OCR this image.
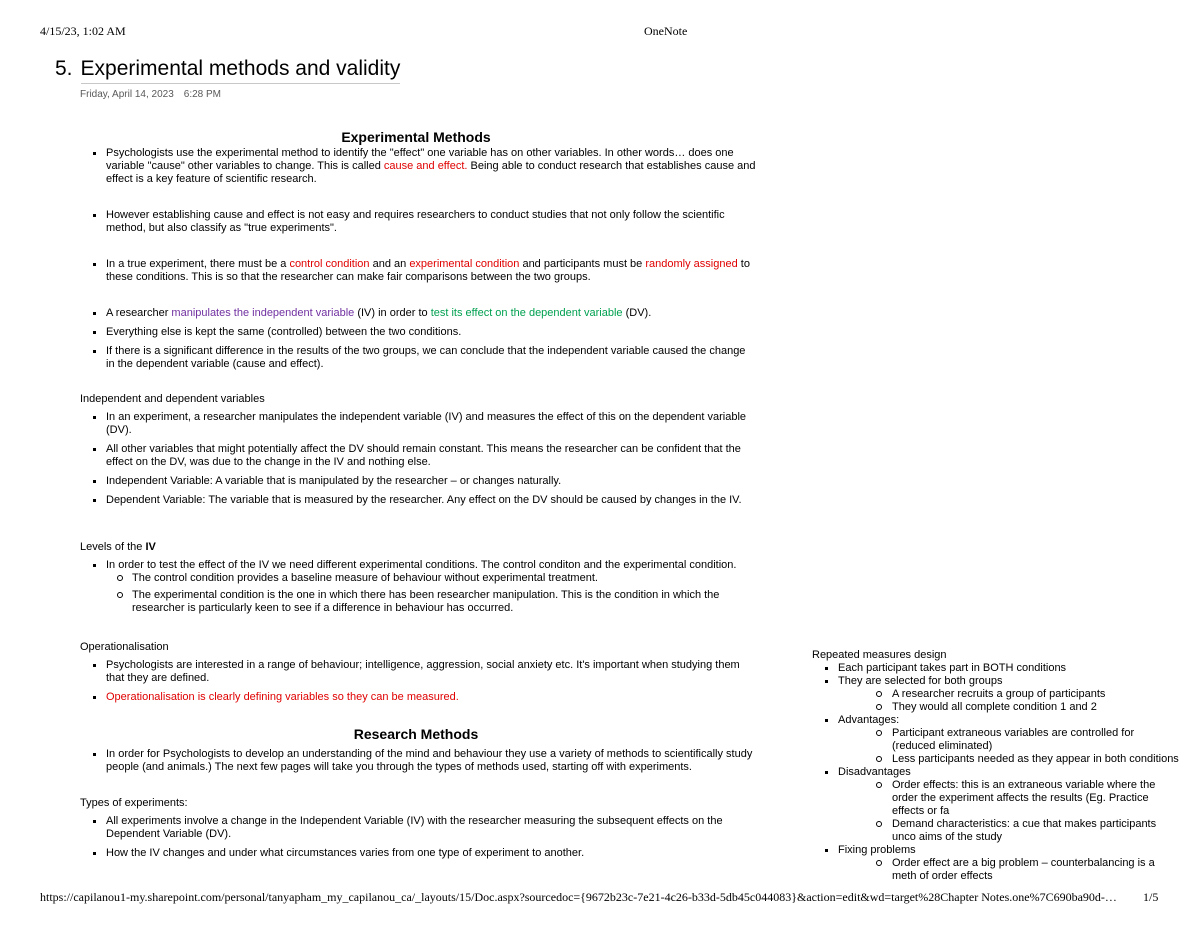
4/15/23, 1:02 AM	OneNote
5. Experimental methods and validity
Friday, April 14, 2023 6:28 PM
Experimental Methods
Psychologists use the experimental method to identify the "effect" one variable has on other variables. In other words… does one variable "cause" other variables to change. This is called cause and effect. Being able to conduct research that establishes cause and effect is a key feature of scientific research.
However establishing cause and effect is not easy and requires researchers to conduct studies that not only follow the scientific method, but also classify as "true experiments".
In a true experiment, there must be a control condition and an experimental condition and participants must be randomly assigned to these conditions. This is so that the researcher can make fair comparisons between the two groups.
A researcher manipulates the independent variable (IV) in order to test its effect on the dependent variable (DV).
Everything else is kept the same (controlled) between the two conditions.
If there is a significant difference in the results of the two groups, we can conclude that the independent variable caused the change in the dependent variable (cause and effect).
Independent and dependent variables
In an experiment, a researcher manipulates the independent variable (IV) and measures the effect of this on the dependent variable (DV).
All other variables that might potentially affect the DV should remain constant. This means the researcher can be confident that the effect on the DV, was due to the change in the IV and nothing else.
Independent Variable: A variable that is manipulated by the researcher – or changes naturally.
Dependent Variable: The variable that is measured by the researcher. Any effect on the DV should be caused by changes in the IV.
Levels of the IV
In order to test the effect of the IV we need different experimental conditions. The control conditon and the experimental condition.
The control condition provides a baseline measure of behaviour without experimental treatment.
The experimental condition is the one in which there has been researcher manipulation. This is the condition in which the researcher is particularly keen to see if a difference in behaviour has occurred.
Operationalisation
Psychologists are interested in a range of behaviour; intelligence, aggression, social anxiety etc. It's important when studying them that they are defined.
Operationalisation is clearly defining variables so they can be measured.
Research Methods
In order for Psychologists to develop an understanding of the mind and behaviour they use a variety of methods to scientifically study people (and animals.) The next few pages will take you through the types of methods used, starting off with experiments.
Types of experiments:
All experiments involve a change in the Independent Variable (IV) with the researcher measuring the subsequent effects on the Dependent Variable (DV).
How the IV changes and under what circumstances varies from one type of experiment to another.
Repeated measures design
Each participant takes part in BOTH conditions
They are selected for both groups
A researcher recruits a group of participants
They would all complete condition 1 and 2
Advantages:
Participant extraneous variables are controlled for (reduced eliminated)
Less participants needed as they appear in both conditions
Disadvantages
Order effects: this is an extraneous variable where the order the experiment affects the results (Eg. Practice effects or fa
Demand characteristics: a cue that makes participants unco aims of the study
Fixing problems
Order effect are a big problem – counterbalancing is a meth of order effects
https://capilanou1-my.sharepoint.com/personal/tanyapham_my_capilanou_ca/_layouts/15/Doc.aspx?sourcedoc={9672b23c-7e21-4c26-b33d-5db45c044083}&action=edit&wd=target%28Chapter Notes.one%7C690ba90d-…	1/5
